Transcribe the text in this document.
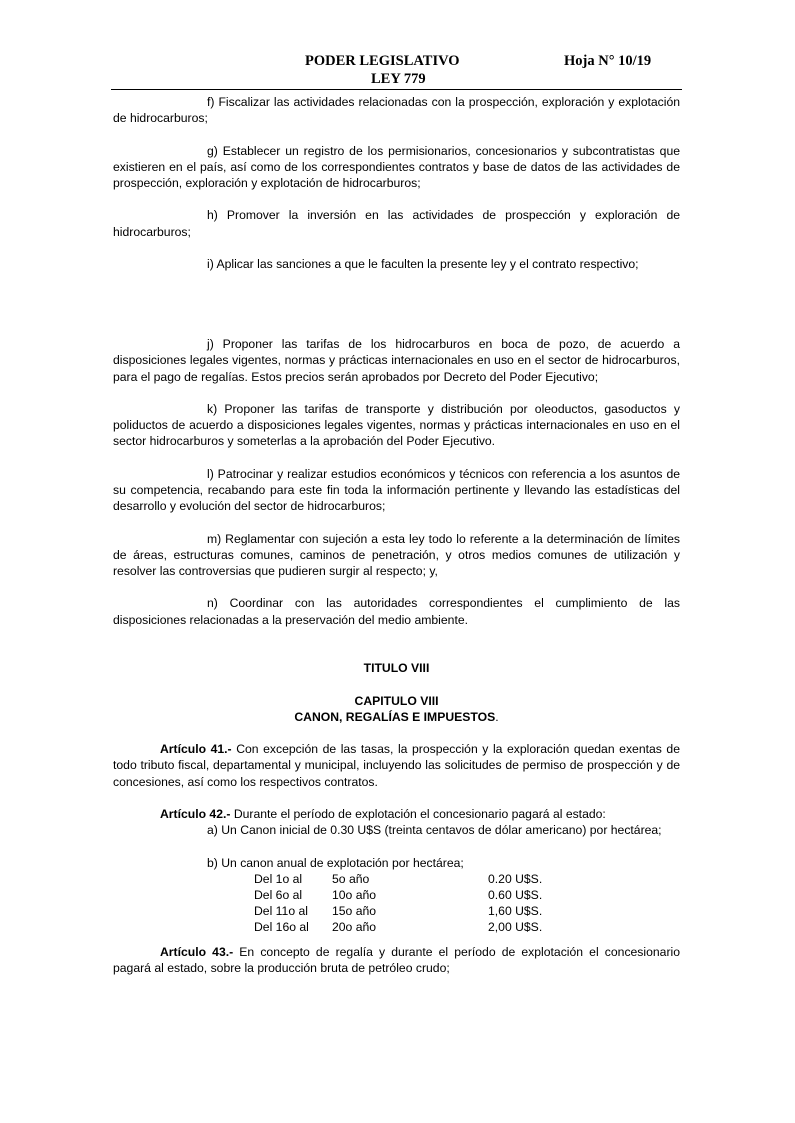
PODER LEGISLATIVO
LEY 779
Hoja N° 10/19

f) Fiscalizar las actividades relacionadas con la prospección, exploración y explotación de hidrocarburos;

g) Establecer un registro de los permisionarios, concesionarios y subcontratistas que existieren en el país, así como de los correspondientes contratos y base de datos de las actividades de prospección, exploración y explotación de hidrocarburos;

h) Promover la inversión en las actividades de prospección y exploración de hidrocarburos;

i) Aplicar las sanciones a que le faculten la presente ley y el contrato respectivo;

j) Proponer las tarifas de los hidrocarburos en boca de pozo, de acuerdo a disposiciones legales vigentes, normas y prácticas internacionales en uso en el sector de hidrocarburos, para el pago de regalías. Estos precios serán aprobados por Decreto del Poder Ejecutivo;

k) Proponer las tarifas de transporte y distribución por oleoductos, gasoductos y poliductos de acuerdo a disposiciones legales vigentes, normas y prácticas internacionales en uso en el sector hidrocarburos y someterlas a la aprobación del Poder Ejecutivo.

l) Patrocinar y realizar estudios económicos y técnicos con referencia a los asuntos de su competencia, recabando para este fin toda la información pertinente y llevando las estadísticas del desarrollo y evolución del sector de hidrocarburos;

m) Reglamentar con sujeción a esta ley todo lo referente a la determinación de límites de áreas, estructuras comunes, caminos de penetración, y otros medios comunes de utilización y resolver las controversias que pudieren surgir al respecto; y,

n) Coordinar con las autoridades correspondientes el cumplimiento de las disposiciones relacionadas a la preservación del medio ambiente.

TITULO VIII

CAPITULO VIII

CANON, REGALÍAS E IMPUESTOS.

Artículo 41.- Con excepción de las tasas, la prospección y la exploración quedan exentas de todo tributo fiscal, departamental y municipal, incluyendo las solicitudes de permiso de prospección y de concesiones, así como los respectivos contratos.

Artículo 42.- Durante el período de explotación el concesionario pagará al estado:

a) Un Canon inicial de 0.30 U$S (treinta centavos de dólar americano) por hectárea;

b) Un canon anual de explotación por hectárea;

Del 1o al	5o año	0.20 U$S.
Del 6o al	10o año	0.60 U$S.
Del 11o al	15o año	1,60 U$S.
Del 16o al	20o año	2,00 U$S.

Artículo 43.- En concepto de regalía y durante el período de explotación el concesionario pagará al estado, sobre la producción bruta de petróleo crudo;
